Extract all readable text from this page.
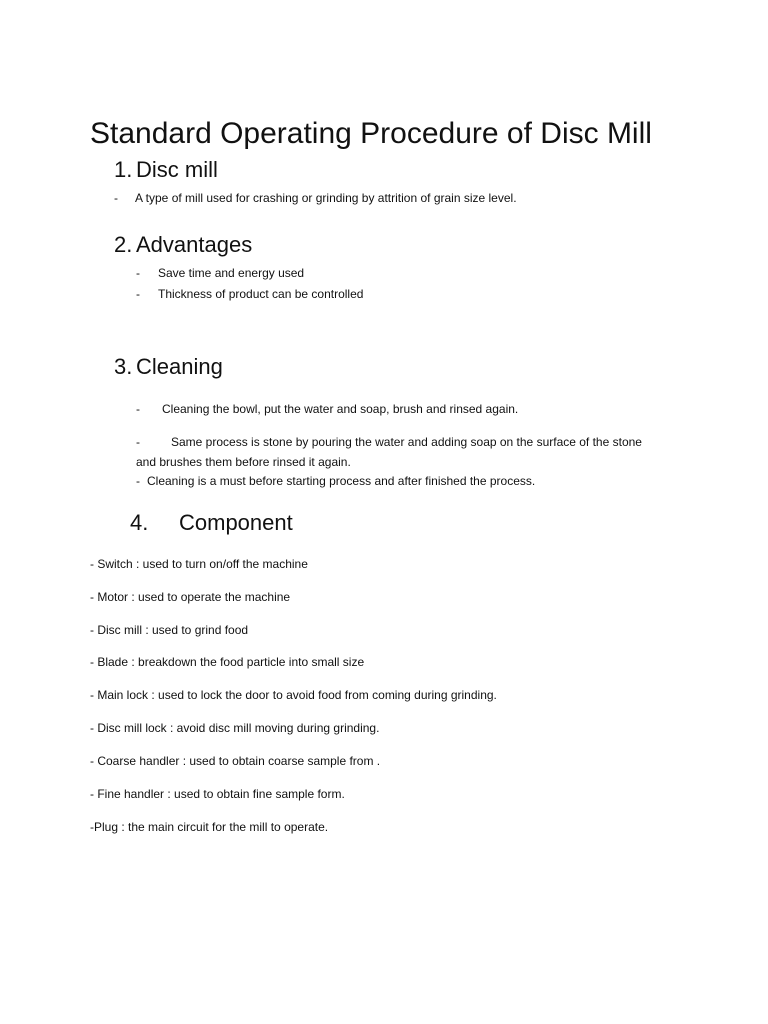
Standard Operating Procedure of Disc Mill
1. Disc mill
- A type of mill used for crashing or grinding by attrition of grain size level.
2. Advantages
- Save time and energy used
- Thickness of product can be controlled
3. Cleaning
- Cleaning the bowl, put the water and soap, brush and rinsed again.
-	Same process is stone by pouring the water and adding soap on the surface of the stone
and brushes them before rinsed it again.
- Cleaning is a must before starting process and after finished the process.
4. Component
- Switch : used to turn on/off the machine
- Motor : used to operate the machine
- Disc mill : used to grind food
- Blade : breakdown the food particle into small size
- Main lock : used to lock the door to avoid food from coming during grinding.
- Disc mill lock : avoid disc mill moving during grinding.
- Coarse handler : used to obtain coarse sample from .
- Fine handler : used to obtain fine sample form.
-Plug : the main circuit for the mill to operate.
